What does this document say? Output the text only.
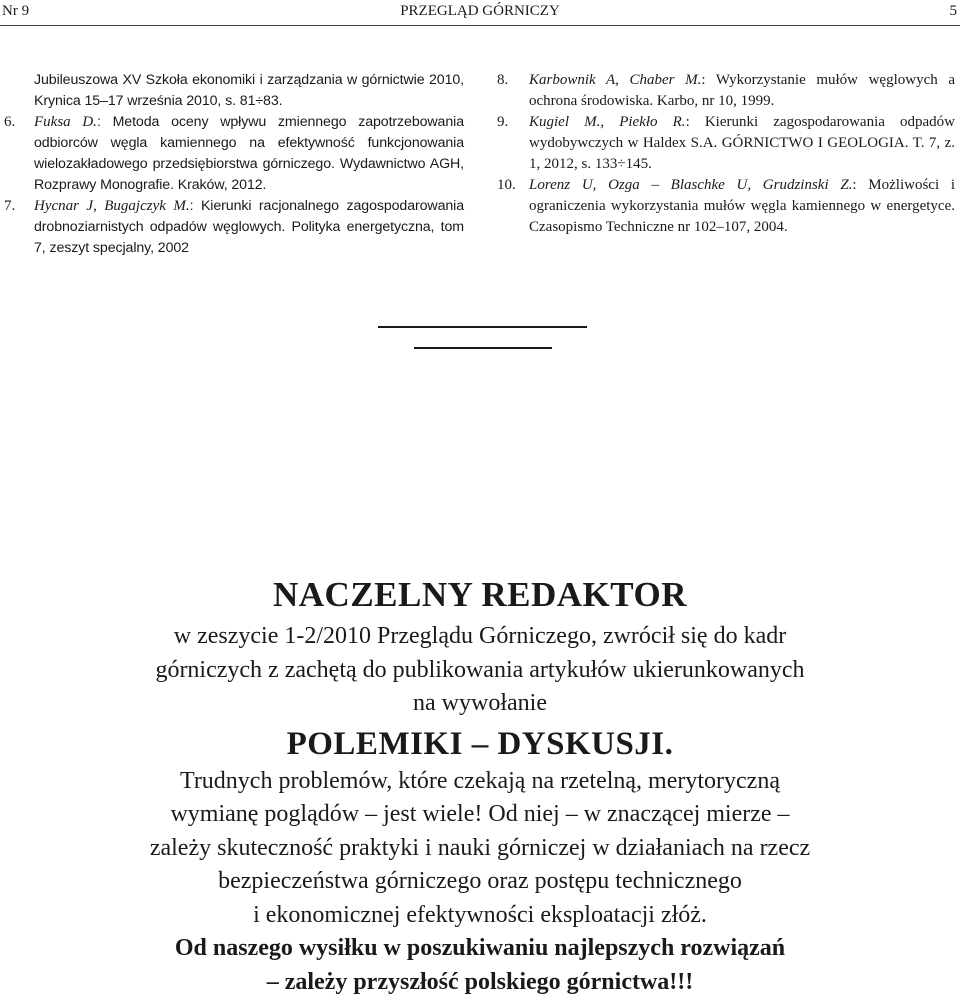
Nr 9	PRZEGLĄD GÓRNICZY	5

Jubileuszowa XV Szkoła ekonomiki i zarządzania w górnictwie 2010, Krynica 15–17 września 2010, s. 81÷83.

6. Fuksa D.: Metoda oceny wpływu zmiennego zapotrzebowania odbiorców węgla kamiennego na efektywność funkcjonowania wielozakładowego przedsiębiorstwa górniczego. Wydawnictwo AGH, Rozprawy Monografie. Kraków, 2012.

7. Hycnar J, Bugajczyk M.: Kierunki racjonalnego zagospodarowania drobnoziarnistych odpadów węglowych. Polityka energetyczna, tom 7, zeszyt specjalny, 2002

8. Karbownik A, Chaber M.: Wykorzystanie mułów węglowych a ochrona środowiska. Karbo, nr 10, 1999.

9. Kugiel M., Piekło R.: Kierunki zagospodarowania odpadów wydobywczych w Haldex S.A. GÓRNICTWO I GEOLOGIA. T. 7, z. 1, 2012, s. 133÷145.

10. Lorenz U, Ozga – Blaschke U, Grudzinski Z.: Możliwości i ograniczenia wykorzystania mułów węgla kamiennego w energetyce. Czasopismo Techniczne nr 102–107, 2004.

NACZELNY REDAKTOR

w zeszycie 1-2/2010 Przeglądu Górniczego, zwrócił się do kadr

górniczych z zachętą do publikowania artykułów ukierunkowanych

na wywołanie

POLEMIKI – DYSKUSJI.

Trudnych problemów, które czekają na rzetelną, merytoryczną

wymianę poglądów – jest wiele! Od niej – w znaczącej mierze –

zależy skuteczność praktyki i nauki górniczej w działaniach na rzecz

bezpieczeństwa górniczego oraz postępu technicznego

i ekonomicznej efektywności eksploatacji złóż.

Od naszego wysiłku w poszukiwaniu najlepszych rozwiązań

– zależy przyszłość polskiego górnictwa!!!
